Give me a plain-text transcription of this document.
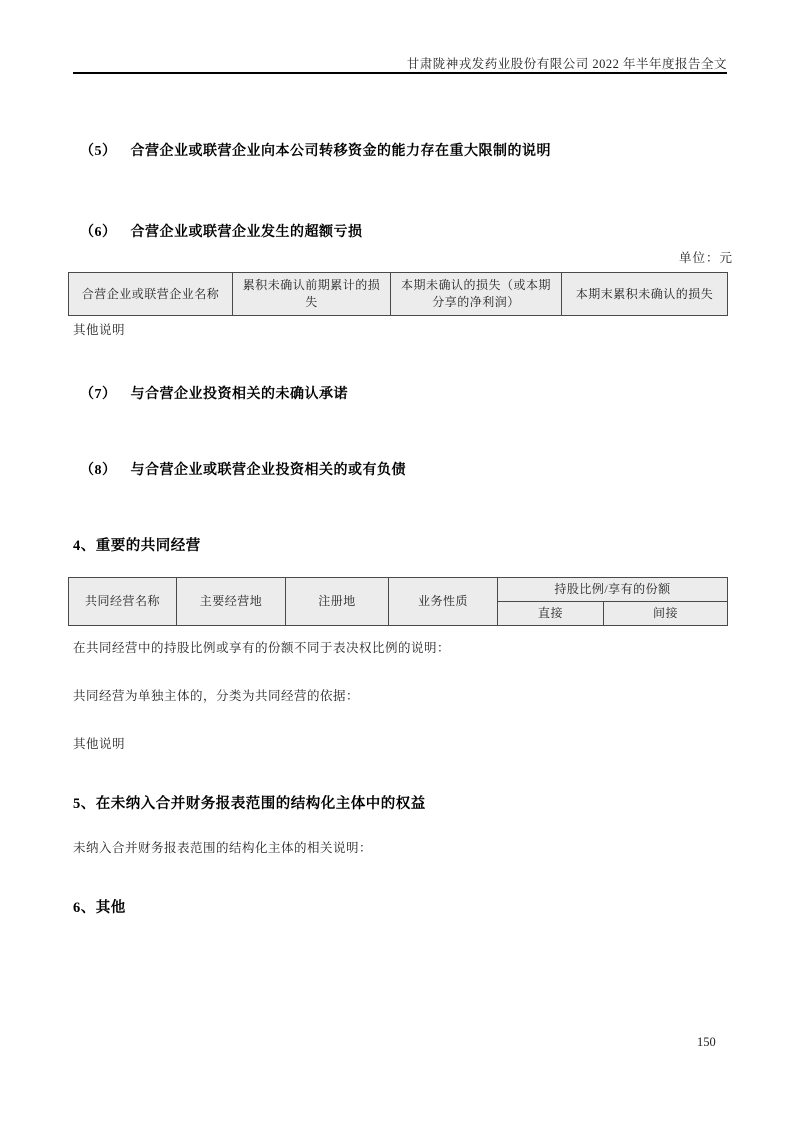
甘肃陇神戎发药业股份有限公司 2022 年半年度报告全文
（5） 合营企业或联营企业向本公司转移资金的能力存在重大限制的说明
（6） 合营企业或联营企业发生的超额亏损
单位：元
合营企业或联营企业名称	累积未确认前期累计的损失	本期未确认的损失（或本期分享的净利润）	本期末累积未确认的损失
其他说明
（7） 与合营企业投资相关的未确认承诺
（8） 与合营企业或联营企业投资相关的或有负债
4、重要的共同经营
共同经营名称	主要经营地	注册地	业务性质	持股比例/享有的份额	
				直接	间接
在共同经营中的持股比例或享有的份额不同于表决权比例的说明：
共同经营为单独主体的，分类为共同经营的依据：
其他说明
5、在未纳入合并财务报表范围的结构化主体中的权益
未纳入合并财务报表范围的结构化主体的相关说明：
6、其他
150
